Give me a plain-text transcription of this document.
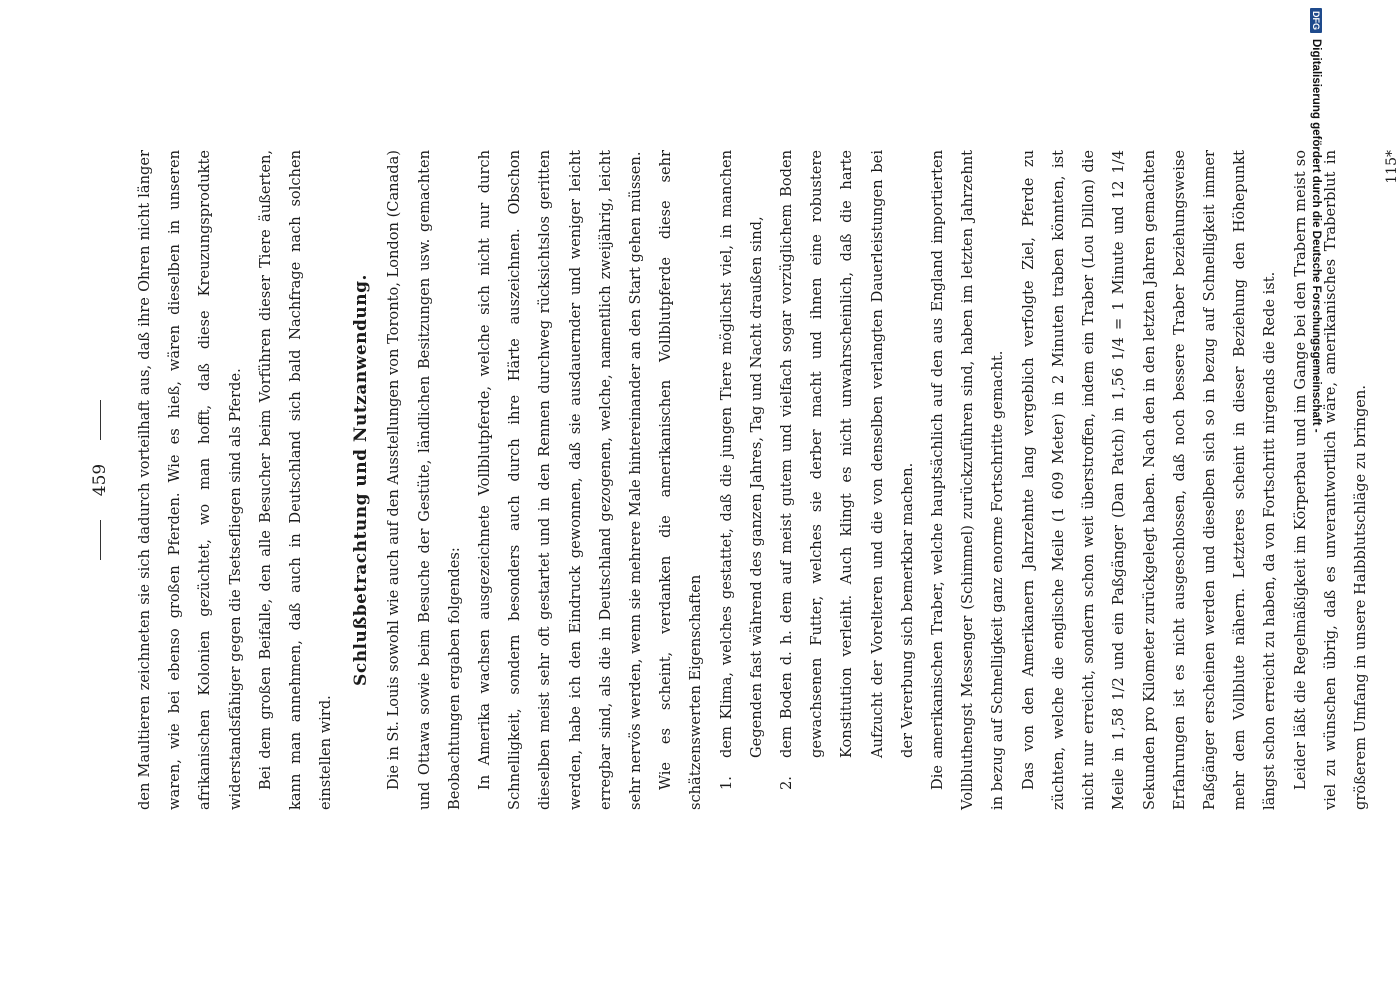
459	den Maultieren zeichneten sie sich dadurch vorteilhaft aus, daß ihre Ohren nicht länger waren, wie bei ebenso großen Pferden. Wie es hieß, wären dieselben in unseren afrikanischen Kolonien gezüchtet, wo man hofft, daß diese Kreuzungsprodukte widerstandsfähiger gegen die Tsetsefliegen sind als Pferde. Bei dem großen Beifalle, den alle Besucher beim Vorführen dieser Tiere äußerten, kann man annehmen, daß auch in Deutschland sich bald Nachfrage nach solchen einstellen wird.

Schlußbetrachtung und Nutzanwendung. Die in St. Louis sowohl wie auch auf den Ausstellungen von Toronto, London (Canada) und Ottawa sowie beim Besuche der Gestüte, ländlichen Besitzungen usw. gemachten Beobachtungen ergaben folgendes: In Amerika wachsen ausgezeichnete Vollblutpferde, welche sich nicht nur durch Schnelligkeit, sondern besonders auch durch ihre Härte auszeichnen. Obschon dieselben meist sehr oft gestartet und in den Rennen durchweg rücksichtslos geritten werden, habe ich den Eindruck gewonnen, daß sie ausdauernder und weniger leicht erregbar sind, als die in Deutschland gezogenen, welche, namentlich zweijährig, leicht sehr nervös werden, wenn sie mehrere Male hintereinander an den Start gehen müssen. Wie es scheint, verdanken die amerikanischen Vollblutpferde diese sehr schätzenswerten Eigenschaften 1.
dem Klima, welches gestattet, daß die jungen Tiere möglichst viel, in manchen Gegenden fast während des ganzen Jahres, Tag und Nacht draußen sind,
2.
dem Boden d. h. dem auf meist gutem und vielfach sogar vorzüglichem Boden gewachsenen Futter, welches sie derber macht und ihnen eine robustere Konstitution verleiht. Auch klingt es nicht unwahrscheinlich, daß die harte Aufzucht der Vorelteren und die von denselben verlangten Dauerleistungen bei der Vererbung sich bemerkbar machen. Die amerikanischen Traber, welche hauptsächlich auf den aus England importierten Vollbluthengst Messenger (Schimmel) zurückzuführen sind, haben im letzten Jahrzehnt in bezug auf Schnelligkeit ganz enorme Fortschritte gemacht. Das von den Amerikanern Jahrzehnte lang vergeblich verfolgte Ziel, Pferde zu züchten, welche die englische Meile (1 609 Meter) in 2 Minuten traben könnten, ist nicht nur erreicht, sondern schon weit überstroffen, indem ein Traber (Lou Dillon) die Meile in 1,58 1/2 und ein Paßgänger (Dan Patch) in 1,56 1/4 = 1 Minute und 12 1/4 Sekunden pro Kilometer zurückgelegt haben. Nach den in den letzten Jahren gemachten Erfahrungen ist es nicht ausgeschlossen, daß noch bessere Traber beziehungsweise Paßgänger erscheinen werden und dieselben sich so in bezug auf Schnelligkeit immer mehr dem Vollblute nähern. Letzteres scheint in dieser Beziehung den Höhepunkt längst schon erreicht zu haben, da von Fortschritt nirgends die Rede ist. Leider läßt die Regelmäßigkeit im Körperbau und im Gange bei den Trabern meist so viel zu wünschen übrig, daß es unverantwortlich wäre, amerikanisches Traberblut in größerem Umfang in unsere Halbblutschläge zu bringen.

115*
DFGDigitalisierung gefördert durch die Deutsche Forschungsgemeinschaft -
